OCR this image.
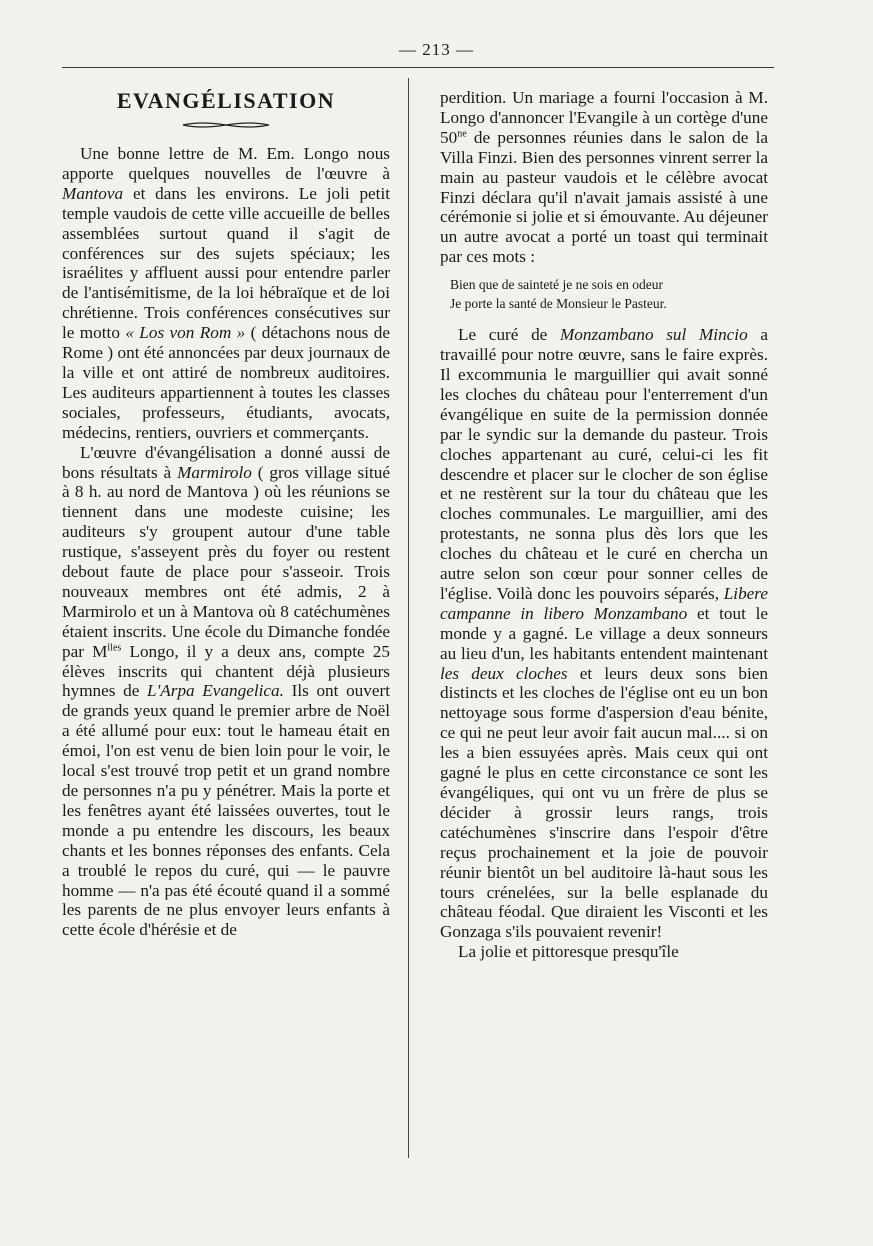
— 213 —
EVANGÉLISATION

Une bonne lettre de M. Em. Longo nous apporte quelques nouvelles de l'œuvre à Mantova et dans les environs. Le joli petit temple vaudois de cette ville accueille de belles assemblées surtout quand il s'agit de conférences sur des sujets spéciaux; les israélites y affluent aussi pour entendre parler de l'antisémitisme, de la loi hébraïque et de loi chrétienne. Trois conférences consécutives sur le motto « Los von Rom » ( détachons nous de Rome ) ont été annoncées par deux journaux de la ville et ont attiré de nombreux auditoires. Les auditeurs appartiennent à toutes les classes sociales, professeurs, étudiants, avocats, médecins, rentiers, ouvriers et commerçants.

L'œuvre d'évangélisation a donné aussi de bons résultats à Marmirolo ( gros village situé à 8 h. au nord de Mantova ) où les réunions se tiennent dans une modeste cuisine; les auditeurs s'y groupent autour d'une table rustique, s'asseyent près du foyer ou restent debout faute de place pour s'asseoir. Trois nouveaux membres ont été admis, 2 à Marmirolo et un à Mantova où 8 catéchumènes étaient inscrits. Une école du Dimanche fondée par $M^{lles}$ Longo, il y a deux ans, compte 25 élèves inscrits qui chantent déjà plusieurs hymnes de L'Arpa Evangelica. Ils ont ouvert de grands yeux quand le premier arbre de Noël a été allumé pour eux: tout le hameau était en émoi, l'on est venu de bien loin pour le voir, le local s'est trouvé trop petit et un grand nombre de personnes n'a pu y pénétrer. Mais la porte et les fenêtres ayant été laissées ouvertes, tout le monde a pu entendre les discours, les beaux chants et les bonnes réponses des enfants. Cela a troublé le repos du curé, qui — le pauvre homme — n'a pas été écouté quand il a sommé les parents de ne plus envoyer leurs enfants à cette école d'hérésie et de

perdition. Un mariage a fourni l'occasion à M. Longo d'annoncer l'Evangile à un cortège d'une $50^{ne}$ de personnes réunies dans le salon de la Villa Finzi. Bien des personnes vinrent serrer la main au pasteur vaudois et le célèbre avocat Finzi déclara qu'il n'avait jamais assisté à une cérémonie si jolie et si émouvante. Au déjeuner un autre avocat a porté un toast qui terminait par ces mots :

Bien que de sainteté je ne sois en odeur
Je porte la santé de Monsieur le Pasteur.

Le curé de Monzambano sul Mincio a travaillé pour notre œuvre, sans le faire exprès. Il excommunia le marguillier qui avait sonné les cloches du château pour l'enterrement d'un évangélique en suite de la permission donnée par le syndic sur la demande du pasteur. Trois cloches appartenant au curé, celui-ci les fit descendre et placer sur le clocher de son église et ne restèrent sur la tour du château que les cloches communales. Le marguillier, ami des protestants, ne sonna plus dès lors que les cloches du château et le curé en chercha un autre selon son cœur pour sonner celles de l'église. Voilà donc les pouvoirs séparés, Libere campanne in libero Monzambano et tout le monde y a gagné. Le village a deux sonneurs au lieu d'un, les habitants entendent maintenant les deux cloches et leurs deux sons bien distincts et les cloches de l'église ont eu un bon nettoyage sous forme d'aspersion d'eau bénite, ce qui ne peut leur avoir fait aucun mal.... si on les a bien essuyées après. Mais ceux qui ont gagné le plus en cette circonstance ce sont les évangéliques, qui ont vu un frère de plus se décider à grossir leurs rangs, trois catéchumènes s'inscrire dans l'espoir d'être reçus prochainement et la joie de pouvoir réunir bientôt un bel auditoire là-haut sous les tours crénelées, sur la belle esplanade du château féodal. Que diraient les Visconti et les Gonzaga s'ils pouvaient revenir!

La jolie et pittoresque presqu'île
